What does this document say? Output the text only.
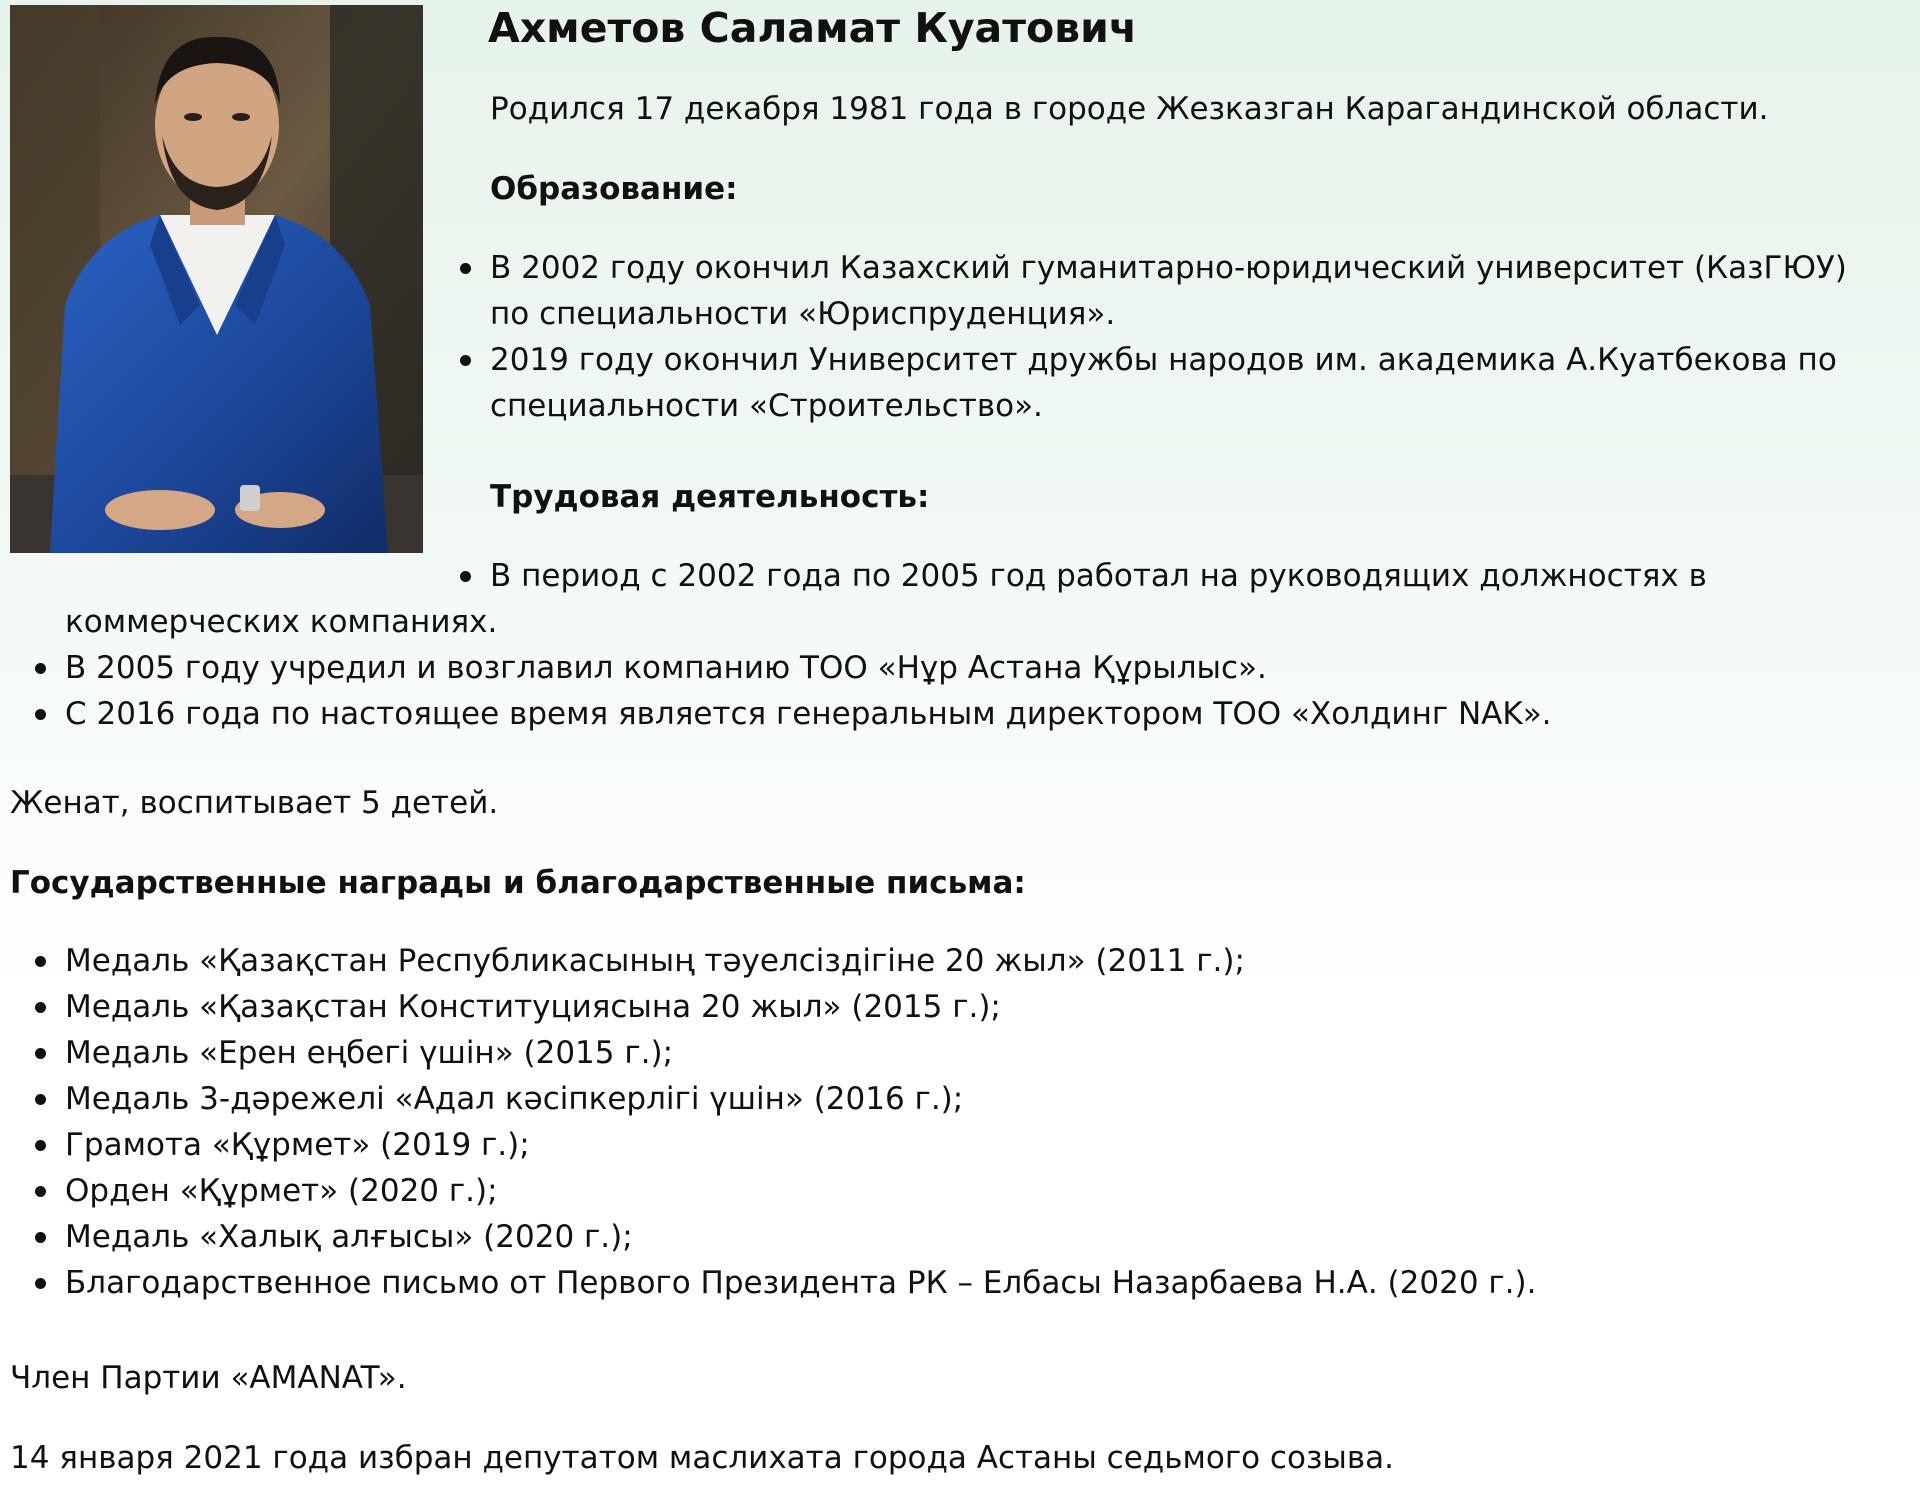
Ахметов Саламат Куатович

Родился 17 декабря 1981 года в городе Жезказган Карагандинской области.

Образование:

В 2002 году окончил Казахский гуманитарно-юридический университет (КазГЮУ)
по специальности «Юриспруденция».
2019 году окончил Университет дружбы народов им. академика А.Куатбекова по
специальности «Строительство».

Трудовая деятельность:

В период с 2002 года по 2005 год работал на руководящих должностях в
коммерческих компаниях.
В 2005 году учредил и возглавил компанию ТОО «Нұр Астана Құрылыс».
С 2016 года по настоящее время является генеральным директором ТОО «Холдинг NAK».

Женат, воспитывает 5 детей.

Государственные награды и благодарственные письма:

Медаль «Қазақстан Республикасының тәуелсіздігіне 20 жыл» (2011 г.);
Медаль «Қазақстан Конституциясына 20 жыл» (2015 г.);
Медаль «Ерен еңбегі үшін» (2015 г.);
Медаль 3-дәрежелі «Адал кәсіпкерлігі үшін» (2016 г.);
Грамота «Құрмет» (2019 г.);
Орден «Құрмет» (2020 г.);
Медаль «Халық алғысы» (2020 г.);
Благодарственное письмо от Первого Президента РК – Елбасы Назарбаева Н.А. (2020 г.).

Член Партии «AMANAT».

14 января 2021 года избран депутатом маслихата города Астаны седьмого созыва.
